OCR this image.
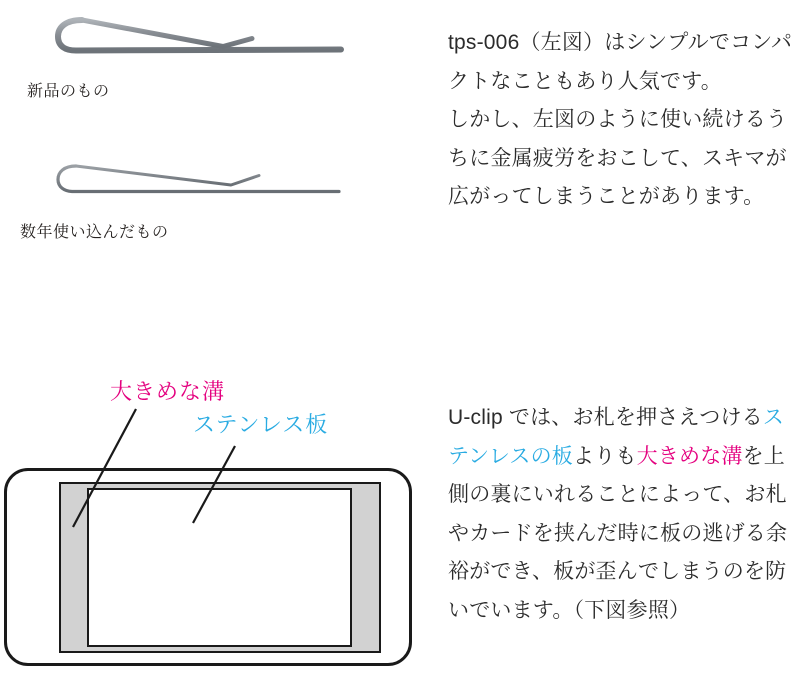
新品のもの
数年使い込んだもの
tps-006（左図）はシンプルでコンパ
クトなこともあり人気です。
しかし、左図のように使い続けるう
ちに金属疲労をおこして、スキマが
広がってしまうことがあります。
大きめな溝
ステンレス板	U-clip では、お札を押さえつけるス
テンレスの板よりも大きめな溝を上
側の裏にいれることによって、お札
やカードを挟んだ時に板の逃げる余
裕ができ、板が歪んでしまうのを防
いでいます。（下図参照）
